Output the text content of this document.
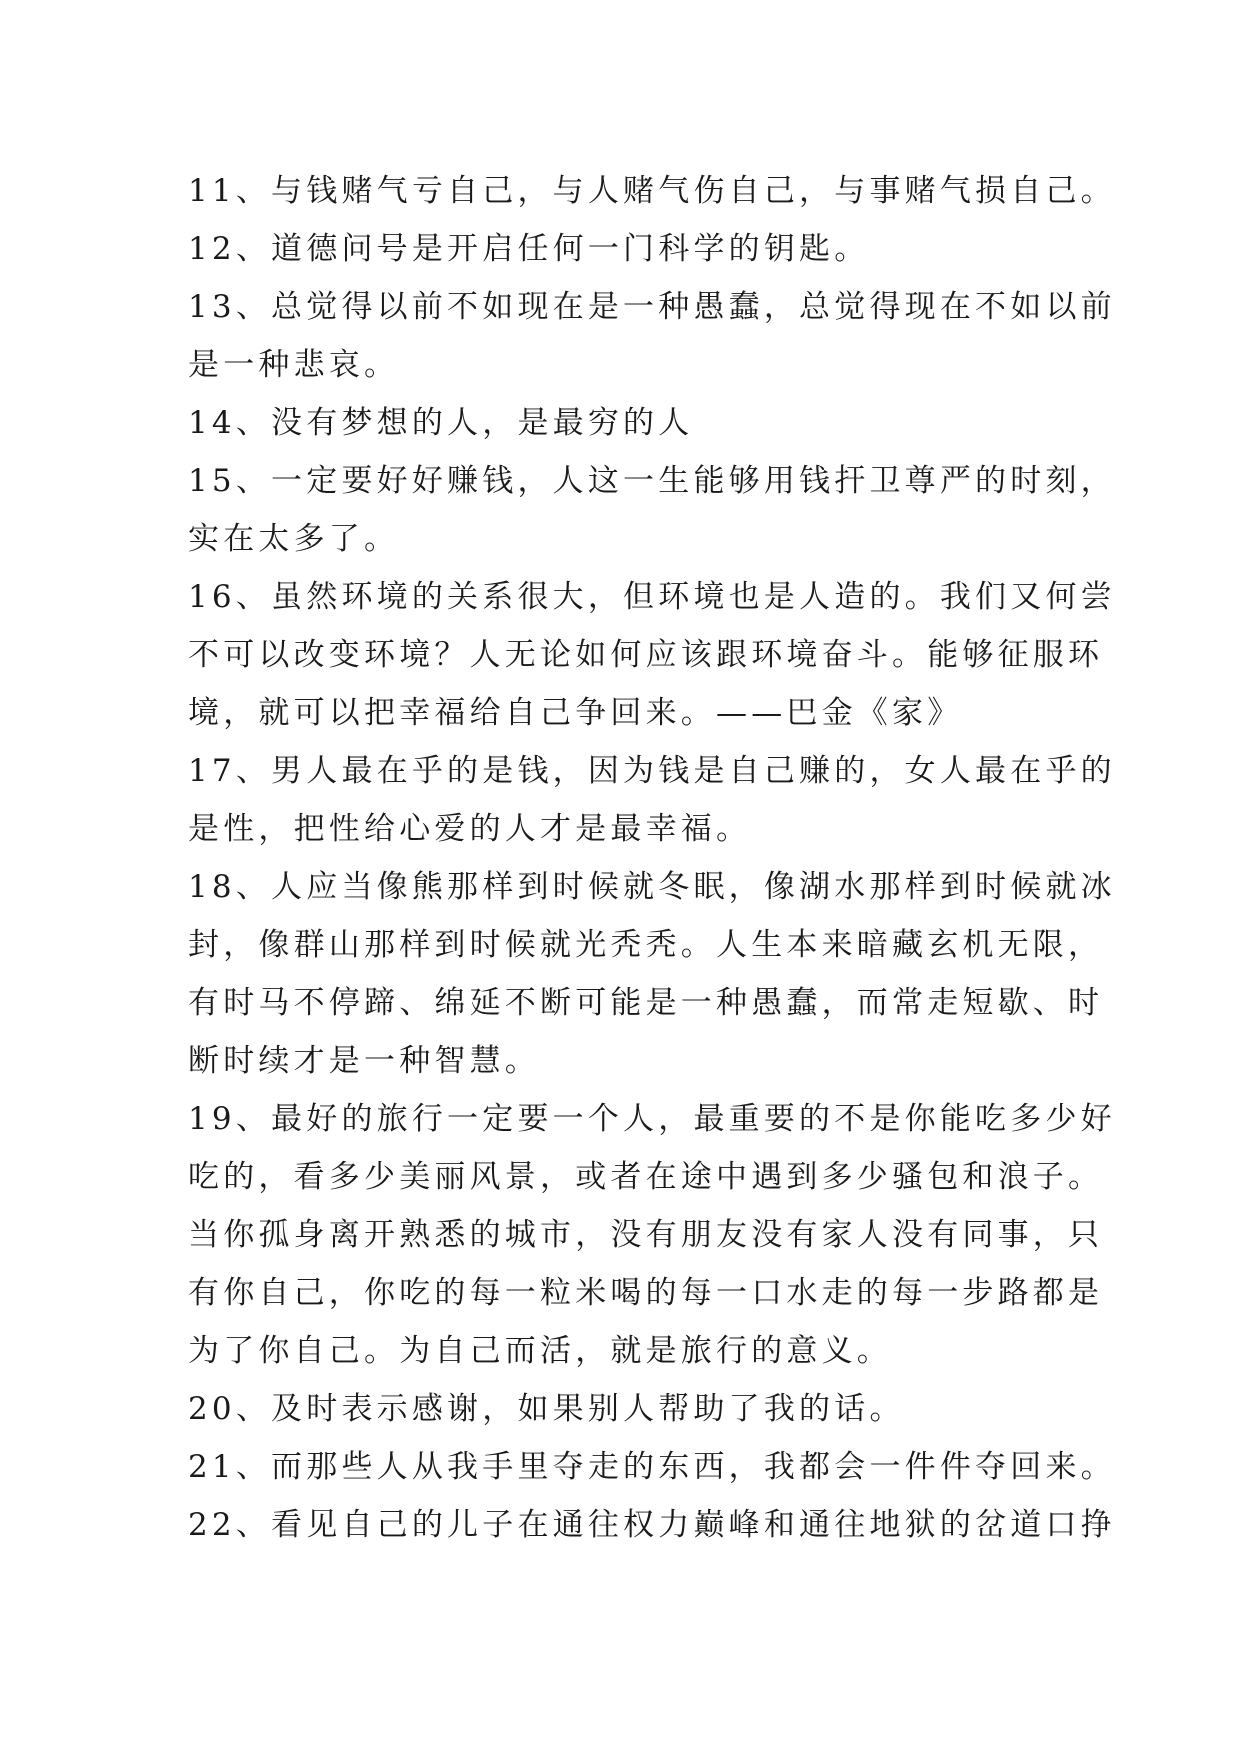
11、与钱赌气亏自己，与人赌气伤自己，与事赌气损自己。
12、道德问号是开启任何一门科学的钥匙。
13、总觉得以前不如现在是一种愚蠢，总觉得现在不如以前
是一种悲哀。
14、没有梦想的人，是最穷的人
15、一定要好好赚钱，人这一生能够用钱扞卫尊严的时刻，
实在太多了。
16、虽然环境的关系很大，但环境也是人造的。我们又何尝
不可以改变环境？人无论如何应该跟环境奋斗。能够征服环
境，就可以把幸福给自己争回来。——巴金《家》
17、男人最在乎的是钱，因为钱是自己赚的，女人最在乎的
是性，把性给心爱的人才是最幸福。
18、人应当像熊那样到时候就冬眠，像湖水那样到时候就冰
封，像群山那样到时候就光秃秃。人生本来暗藏玄机无限，
有时马不停蹄、绵延不断可能是一种愚蠢，而常走短歇、时
断时续才是一种智慧。
19、最好的旅行一定要一个人，最重要的不是你能吃多少好
吃的，看多少美丽风景，或者在途中遇到多少骚包和浪子。
当你孤身离开熟悉的城市，没有朋友没有家人没有同事，只
有你自己，你吃的每一粒米喝的每一口水走的每一步路都是
为了你自己。为自己而活，就是旅行的意义。
20、及时表示感谢，如果别人帮助了我的话。
21、而那些人从我手里夺走的东西，我都会一件件夺回来。
22、看见自己的儿子在通往权力巅峰和通往地狱的岔道口挣
